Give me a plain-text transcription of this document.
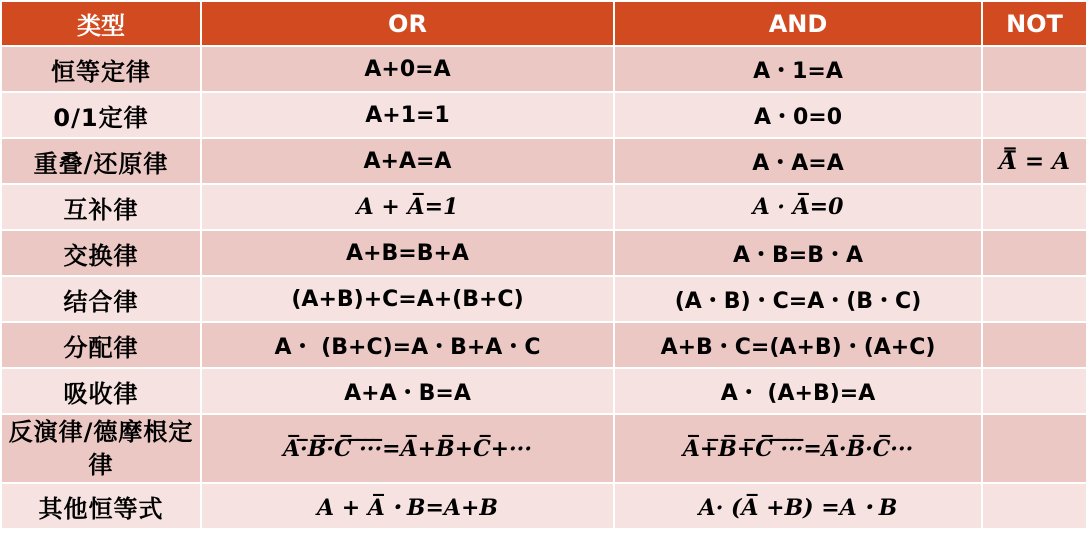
类型	OR	AND	NOT
恒等定律	A+0=A	A・1=A	
0/1定律	A+1=1	A・0=0	
重叠/还原律	A+A=A	A・A=A	A̿ = A
互补律	A + A̅=1	A · A̅=0	
交换律	A+B=B+A	A・B=B・A	
结合律	(A+B)+C=A+(B+C)	(A・B)・C=A・(B・C)	
分配律	A・ (B+C)=A・B+A・C	A+B・C=(A+B)・(A+C)	
吸收律	A+A・B=A	A・ (A+B)=A	
反演律/德摩根定律	A̅·̅B̅·̅C̅ ̅·̅·̅·̅=A̅+B̅+C̅+···	A̅+̅B̅+̅C̅ ̅·̅·̅·̅=A̅·B̅·C̅···	
其他恒等式	A + A̅・B=A+B	A· (A̅ +B) =A・B	
